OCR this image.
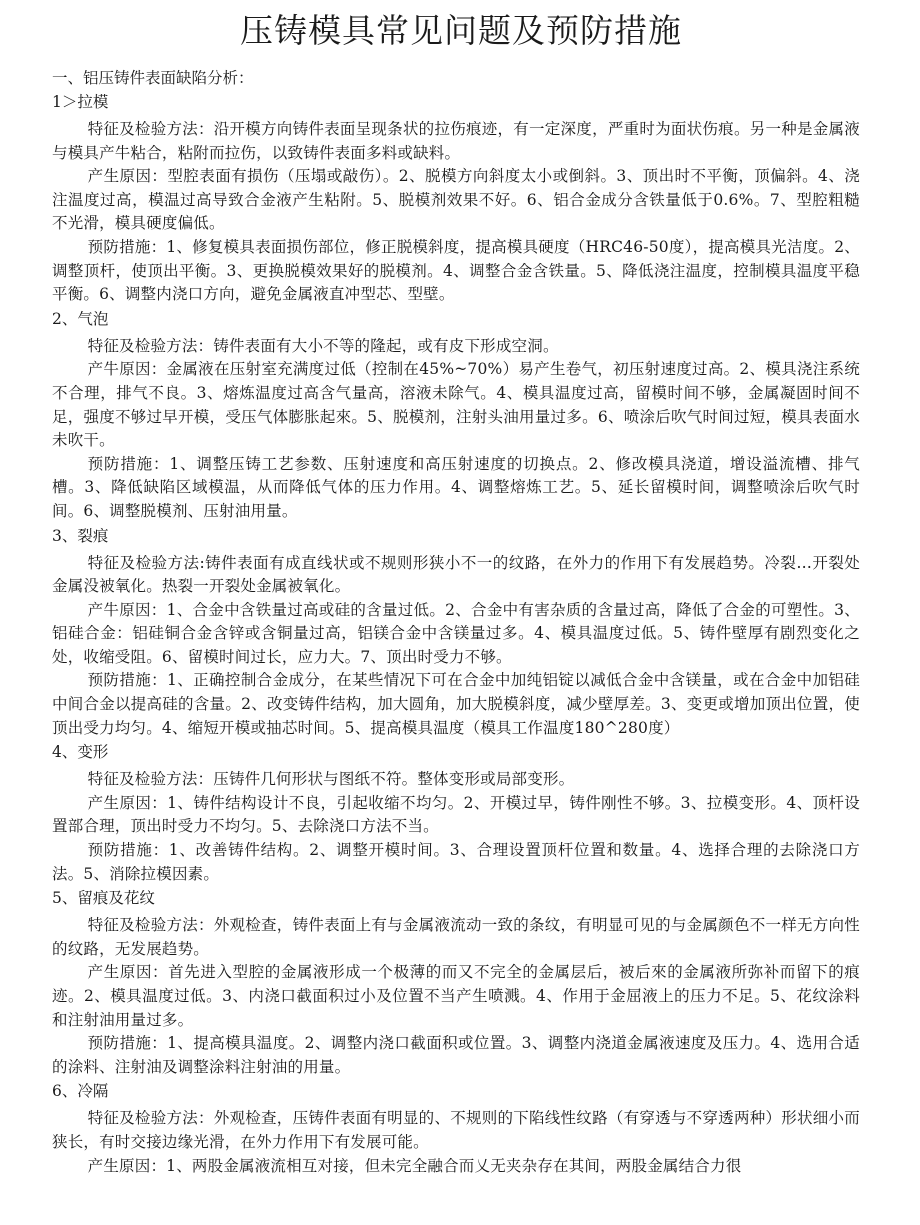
压铸模具常见问题及预防措施

一、铝压铸件表面缺陷分析：

1＞拉模

特征及检验方法：沿开模方向铸件表面呈现条状的拉伤痕迹，有一定深度，严重时为面状伤痕。另一种是金属液与模具产牛粘合，粘附而拉伤，以致铸件表面多料或缺料。

产生原因：型腔表面有损伤（压塌或敲伤）。2、脱模方向斜度太小或倒斜。3、顶出时不平衡，顶偏斜。4、浇注温度过高，模温过高导致合金液产生粘附。5、脱模剂效果不好。6、铝合金成分含铁量低于0.6%。7、型腔粗糙不光滑，模具硬度偏低。

预防措施：1、修复模具表面损伤部位，修正脱模斜度，提高模具硬度（HRC46-50度），提高模具光洁度。2、调整顶杆，使顶出平衡。3、更换脱模效果好的脱模剂。4、调整合金含铁量。5、降低浇注温度，控制模具温度平稳平衡。6、调整内浇口方向，避免金属液直冲型芯、型壁。

2、气泡

特征及检验方法：铸件表面有大小不等的隆起，或有皮下形成空洞。

产牛原因：金属液在压射室充满度过低（控制在45%~70%）易产生卷气，初压射速度过高。2、模具浇注系统不合理，排气不良。3、熔炼温度过高含气量高，溶液未除气。4、模具温度过高，留模时间不够，金属凝固时间不足，强度不够过早开模，受压气体膨胀起來。5、脱模剂，注射头油用量过多。6、喷涂后吹气时间过短，模具表面水未吹干。

预防措施：1、调整压铸工艺参数、压射速度和高压射速度的切换点。2、修改模具浇道，增设溢流槽、排气槽。3、降低缺陷区域模温，从而降低气体的压力作用。4、调整熔炼工艺。5、延长留模时间，调整喷涂后吹气时间。6、调整脱模剂、压射油用量。

3、裂痕

特征及检验方法:铸件表面有成直线状或不规则形狭小不一的纹路，在外力的作用下有发展趋势。冷裂…开裂处金属没被氧化。热裂一开裂处金属被氧化。

产牛原因：1、合金中含铁量过高或硅的含量过低。2、合金中有害杂质的含量过高，降低了合金的可塑性。3、铝硅合金：铝硅铜合金含锌或含铜量过高，铝镁合金中含镁量过多。4、模具温度过低。5、铸件壁厚有剧烈变化之处，收缩受阻。6、留模时间过长，应力大。7、顶出时受力不够。

预防措施：1、正确控制合金成分，在某些情况下可在合金中加纯铝锭以减低合金中含镁量，或在合金中加铝硅中间合金以提高硅的含量。2、改变铸件结构，加大圆角，加大脱模斜度，减少壁厚差。3、变更或增加顶出位置，使顶出受力均匀。4、缩短开模或抽芯时间。5、提高模具温度（模具工作温度180^280度）

4、变形

特征及检验方法：压铸件几何形状与图纸不符。整体变形或局部变形。

产生原因：1、铸件结构设计不良，引起收缩不均匀。2、开模过早，铸件刚性不够。3、拉模变形。4、顶杆设置部合理，顶出时受力不均匀。5、去除浇口方法不当。

预防措施：1、改善铸件结构。2、调整开模时间。3、合理设置顶杆位置和数量。4、选择合理的去除浇口方法。5、消除拉模因素。

5、留痕及花纹

特征及检验方法：外观检查，铸件表面上有与金属液流动一致的条纹，有明显可见的与金属颜色不一样无方向性的纹路，无发展趋势。

产生原因：首先进入型腔的金属液形成一个极薄的而又不完全的金属层后，被后來的金属液所弥补而留下的痕迹。2、模具温度过低。3、内浇口截面积过小及位置不当产生喷溅。4、作用于金屈液上的压力不足。5、花纹涂料和注射油用量过多。

预防措施：1、提高模具温度。2、调整内浇口截面积或位置。3、调整内浇道金属液速度及压力。4、选用合适的涂料、注射油及调整涂料注射油的用量。

6、冷隔

特征及检验方法：外观检查，压铸件表面有明显的、不规则的下陷线性纹路（有穿透与不穿透两种）形状细小而狭长，有时交接边缘光滑，在外力作用下有发展可能。

产生原因：1、两股金属液流相互对接，但未完全融合而乂无夹杂存在其间，两股金属结合力很
